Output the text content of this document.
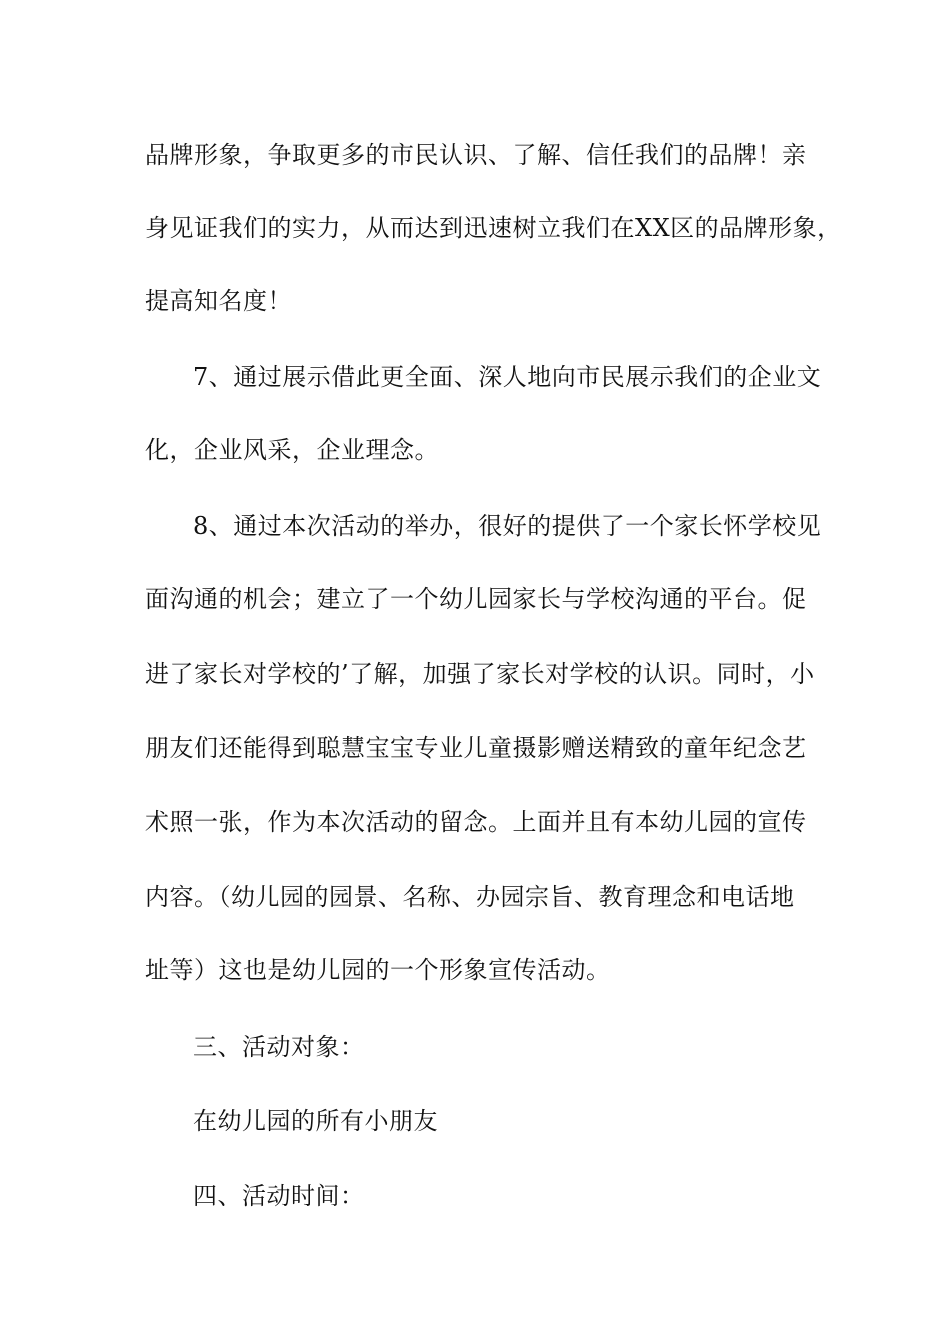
品牌形象，争取更多的市民认识、了解、信任我们的品牌！亲
身见证我们的实力，从而达到迅速树立我们在XX区的品牌形象，
提高知名度！
7、通过展示借此更全面、深人地向市民展示我们的企业文
化，企业风采，企业理念。
8、通过本次活动的举办，很好的提供了一个家长怀学校见
面沟通的机会；建立了一个幼儿园家长与学校沟通的平台。促
进了家长对学校的’了解，加强了家长对学校的认识。同时，小
朋友们还能得到聪慧宝宝专业儿童摄影赠送精致的童年纪念艺
术照一张，作为本次活动的留念。上面并且有本幼儿园的宣传
内容。（幼儿园的园景、名称、办园宗旨、教育理念和电话地
址等）这也是幼儿园的一个形象宣传活动。
三、活动对象：
在幼儿园的所有小朋友
四、活动时间：
